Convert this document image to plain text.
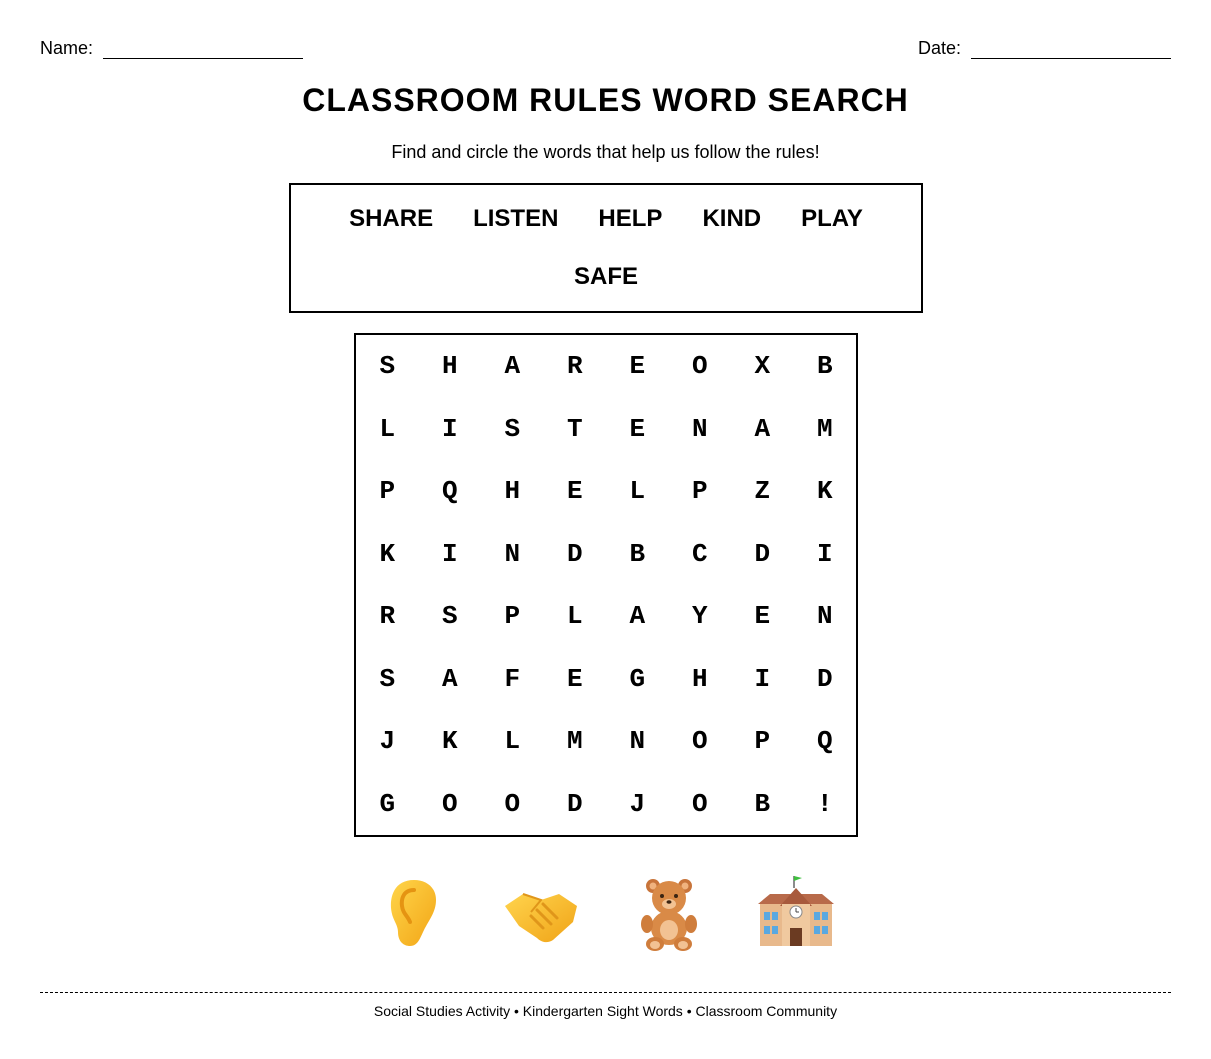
Name:	Date:
CLASSROOM RULES WORD SEARCH
Find and circle the words that help us follow the rules!
SHARE	LISTEN	HELP	KIND	PLAY
SAFE
S	H	A	R	E	O	X	B
L	I	S	T	E	N	A	M
P	Q	H	E	L	P	Z	K
K	I	N	D	B	C	D	I
R	S	P	L	A	Y	E	N
S	A	F	E	G	H	I	D
J	K	L	M	N	O	P	Q
G	O	O	D	J	O	B	!
Social Studies Activity • Kindergarten Sight Words • Classroom Community
